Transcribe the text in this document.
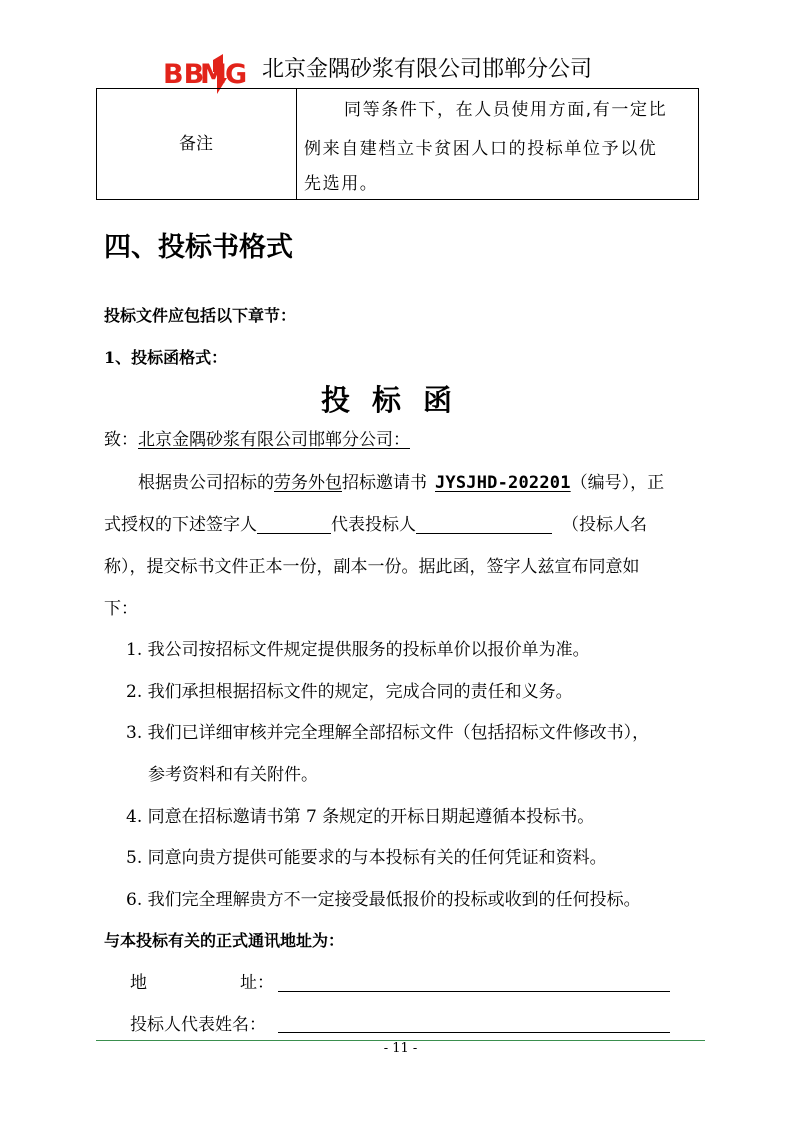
BB
M
G 北京金隅砂浆有限公司邯郸分公司
备注
同等条件下，在人员使用方面,有一定比
例来自建档立卡贫困人口的投标单位予以优
先选用。
四、投标书格式
投标文件应包括以下章节：
1、投标函格式：
投标函
致：北京金隅砂浆有限公司邯郸分公司：
根据贵公司招标的劳务外包招标邀请书 JYSJHD-202201（编号），正
式授权的下述签字人	代表投标人	（投标人名
称），提交标书文件正本一份，副本一份。据此函，签字人兹宣布同意如
下：
1. 我公司按招标文件规定提供服务的投标单价以报价单为准。
2. 我们承担根据招标文件的规定，完成合同的责任和义务。
3. 我们已详细审核并完全理解全部招标文件（包括招标文件修改书），
参考资料和有关附件。
4. 同意在招标邀请书第 7 条规定的开标日期起遵循本投标书。
5. 同意向贵方提供可能要求的与本投标有关的任何凭证和资料。
6. 我们完全理解贵方不一定接受最低报价的投标或收到的任何投标。
与本投标有关的正式通讯地址为：
地	址：
投标人代表姓名：
- 11 -
